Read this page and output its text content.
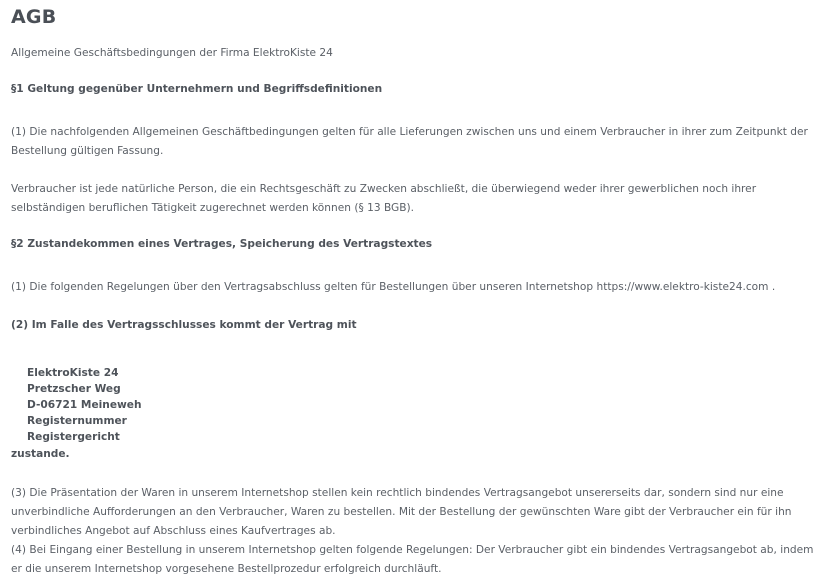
AGB
Allgemeine Geschäftsbedingungen der Firma ElektroKiste 24
§1 Geltung gegenüber Unternehmern und Begriffsdefinitionen
(1) Die nachfolgenden Allgemeinen Geschäftbedingungen gelten für alle Lieferungen zwischen uns und einem Verbraucher in ihrer zum Zeitpunkt der Bestellung gültigen Fassung.
Verbraucher ist jede natürliche Person, die ein Rechtsgeschäft zu Zwecken abschließt, die überwiegend weder ihrer gewerblichen noch ihrer selbständigen beruflichen Tätigkeit zugerechnet werden können (§ 13 BGB).
§2 Zustandekommen eines Vertrages, Speicherung des Vertragstextes
(1) Die folgenden Regelungen über den Vertragsabschluss gelten für Bestellungen über unseren Internetshop https://www.elektro-kiste24.com .
(2) Im Falle des Vertragsschlusses kommt der Vertrag mit
ElektroKiste 24
Pretzscher Weg
D-06721 Meineweh
Registernummer
Registergericht
zustande.
(3) Die Präsentation der Waren in unserem Internetshop stellen kein rechtlich bindendes Vertragsangebot unsererseits dar, sondern sind nur eine unverbindliche Aufforderungen an den Verbraucher, Waren zu bestellen. Mit der Bestellung der gewünschten Ware gibt der Verbraucher ein für ihn verbindliches Angebot auf Abschluss eines Kaufvertrages ab.
(4) Bei Eingang einer Bestellung in unserem Internetshop gelten folgende Regelungen: Der Verbraucher gibt ein bindendes Vertragsangebot ab, indem er die unserem Internetshop vorgesehene Bestellprozedur erfolgreich durchläuft.
